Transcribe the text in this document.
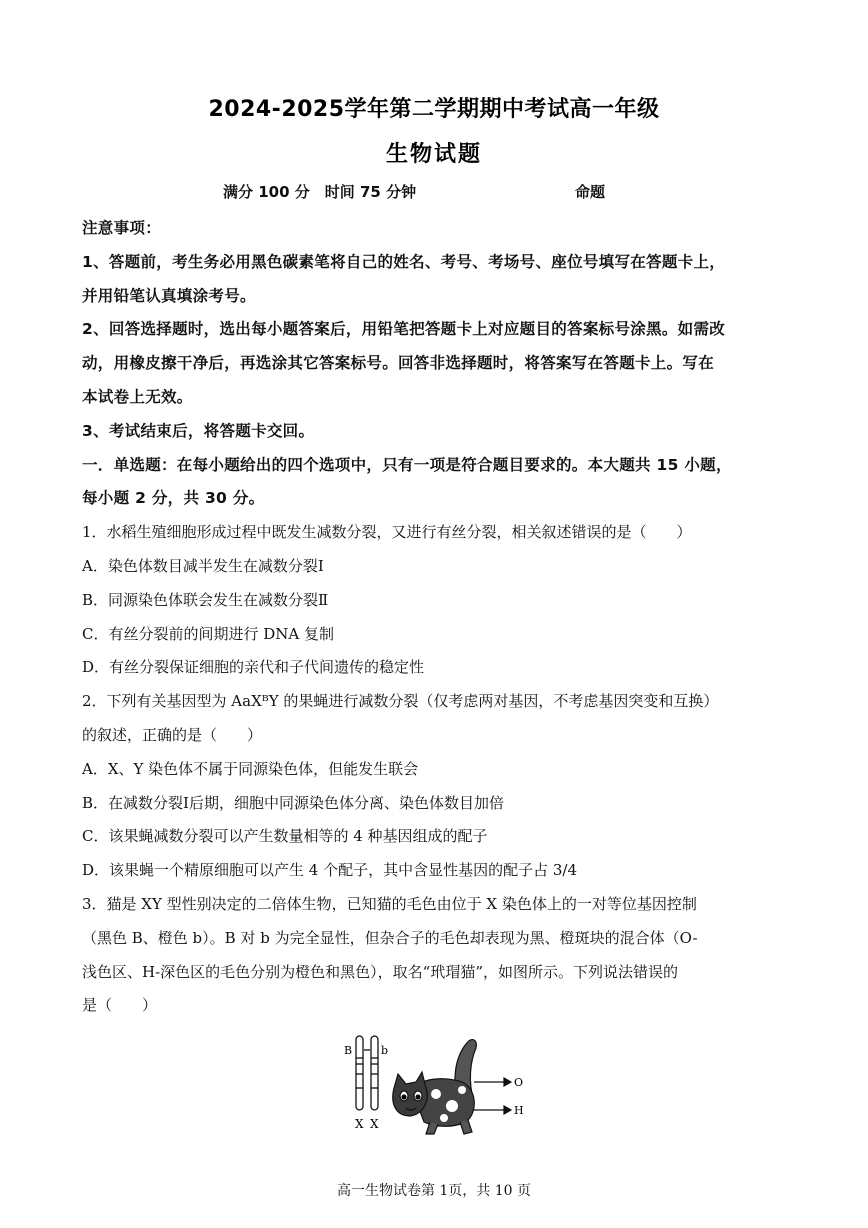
2024-2025学年第二学期期中考试高一年级
生物试题
满分 100 分　时间 75 分钟	命题
注意事项：
1、答题前，考生务必用黑色碳素笔将自己的姓名、考号、考场号、座位号填写在答题卡上，
并用铅笔认真填涂考号。
2、回答选择题时，选出每小题答案后，用铅笔把答题卡上对应题目的答案标号涂黑。如需改
动，用橡皮擦干净后，再选涂其它答案标号。回答非选择题时，将答案写在答题卡上。写在
本试卷上无效。
3、考试结束后，将答题卡交回。
一．单选题：在每小题给出的四个选项中，只有一项是符合题目要求的。本大题共 15 小题，
每小题 2 分，共 30 分。
1．水稻生殖细胞形成过程中既发生减数分裂，又进行有丝分裂，相关叙述错误的是（　　）
A．染色体数目减半发生在减数分裂Ⅰ
B．同源染色体联会发生在减数分裂Ⅱ
C．有丝分裂前的间期进行 DNA 复制
D．有丝分裂保证细胞的亲代和子代间遗传的稳定性
2．下列有关基因型为 AaXᴮY 的果蝇进行减数分裂（仅考虑两对基因，不考虑基因突变和互换）
的叙述，正确的是（　　）
A．X、Y 染色体不属于同源染色体，但能发生联会
B．在减数分裂Ⅰ后期，细胞中同源染色体分离、染色体数目加倍
C．该果蝇减数分裂可以产生数量相等的 4 种基因组成的配子
D．该果蝇一个精原细胞可以产生 4 个配子，其中含显性基因的配子占 3/4
3．猫是 XY 型性别决定的二倍体生物，已知猫的毛色由位于 X 染色体上的一对等位基因控制
（黑色 B、橙色 b）。B 对 b 为完全显性，但杂合子的毛色却表现为黑、橙斑块的混合体（O-
浅色区、H-深色区的毛色分别为橙色和黑色），取名“玳瑁猫”，如图所示。下列说法错误的
是（　　）
B	b
X X
O
H
高一生物试卷第 1页，共 10 页
